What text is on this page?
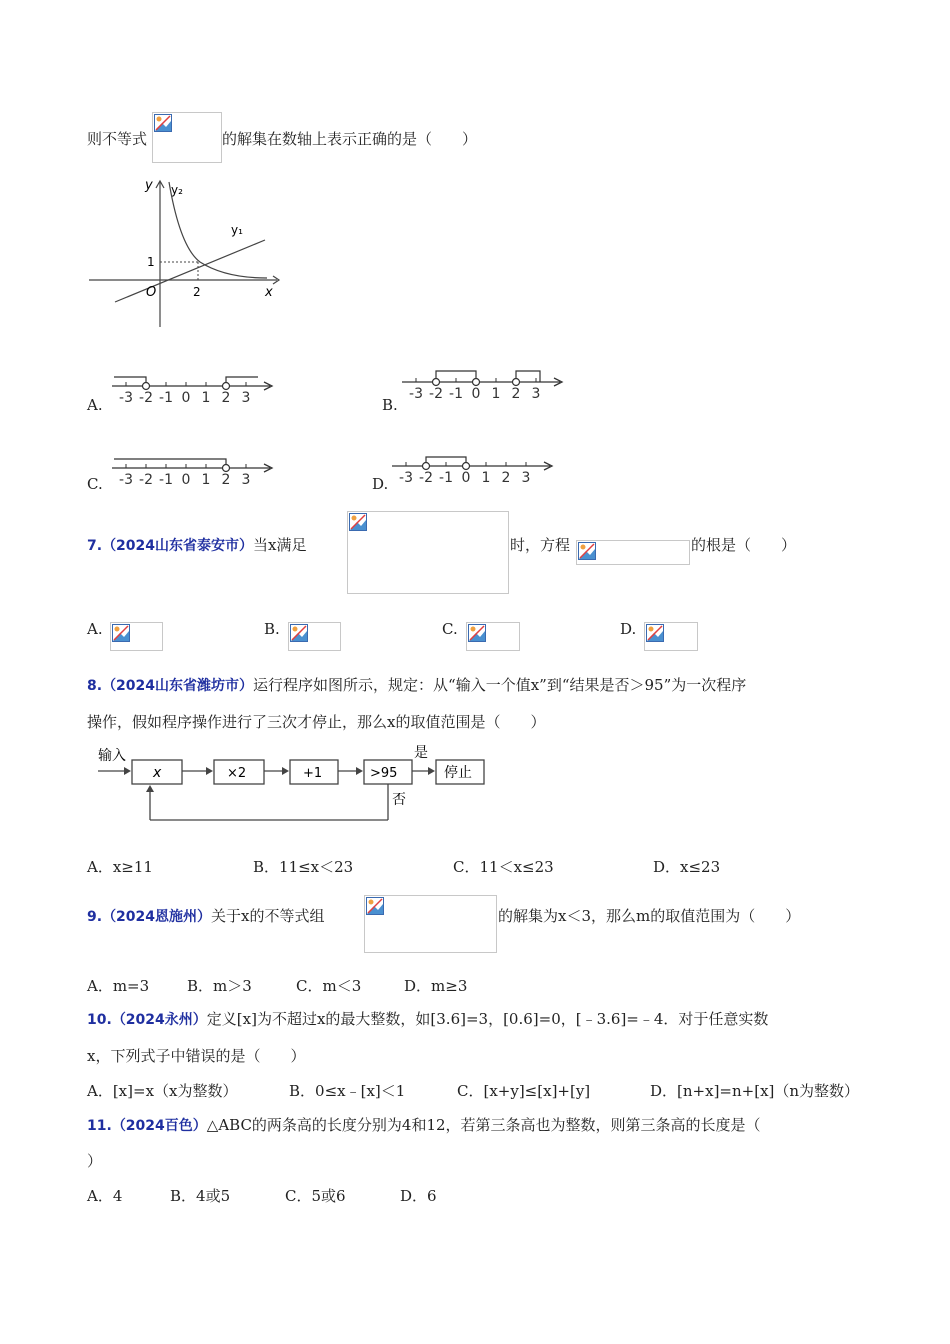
则不等式	的解集在数轴上表示正确的是（　　）
y y₂
y₁
1
O	2	x
A.	B.
C.	D.
-3 -2 -1 0 1 2 3	-3 -2 -1 0 1 2 3
-3 -2 -1 0 1 2 3	-3 -2 -1 0 1 2 3
7.（2024山东省泰安市）当x满足	时，方程	的根是（　　）
A.	B.	C.	D.
8.（2024山东省潍坊市）运行程序如图所示，规定：从“输入一个值x”到“结果是否＞95”为一次程序
操作，假如程序操作进行了三次才停止，那么x的取值范围是（　　）
输入
x	×2	+1	>95
是
停止
否
A．x≥11	B．11≤x＜23	C．11＜x≤23	D．x≤23
9.（2024恩施州）关于x的不等式组	的解集为x＜3，那么m的取值范围为（　　）
A．m=3	B．m＞3	C．m＜3	D．m≥3
10.（2024永州）定义[x]为不超过x的最大整数，如[3.6]=3，[0.6]=0，[﹣3.6]=﹣4．对于任意实数
x，下列式子中错误的是（　　）
A．[x]=x（x为整数）	B．0≤x﹣[x]＜1	C．[x+y]≤[x]+[y]	D．[n+x]=n+[x]（n为整数）
11.（2024百色）△ABC的两条高的长度分别为4和12，若第三条高也为整数，则第三条高的长度是（
）
A．4	B．4或5	C．5或6	D．6
